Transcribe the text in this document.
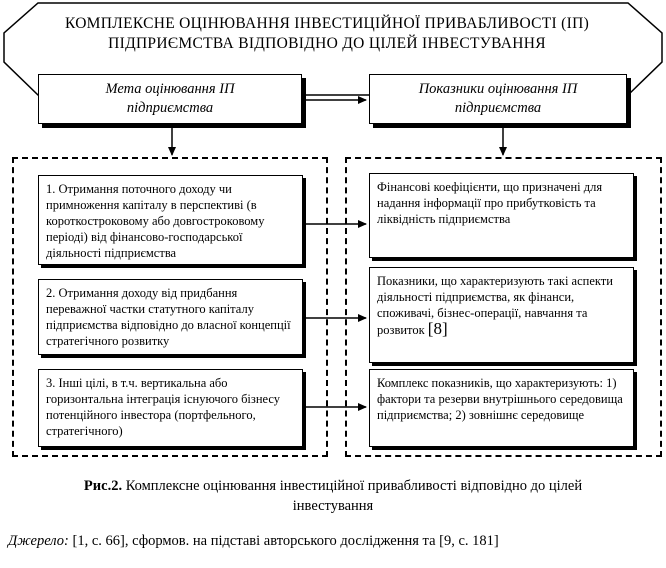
КОМПЛЕКСНЕ ОЦІНЮВАННЯ ІНВЕСТИЦІЙНОЇ ПРИВАБЛИВОСТІ (ІП)
ПІДПРИЄМСТВА ВІДПОВІДНО ДО ЦІЛЕЙ ІНВЕСТУВАННЯ
Мета оцінювання ІП
підприємства
Показники оцінювання ІП
підприємства
1. Отримання поточного доходу чи примноження капіталу в перспективі (в короткостроковому або довгостроковому періоді) від фінансово-господарської діяльності підприємства
2. Отримання доходу від придбання переважної частки статутного капіталу підприємства відповідно до власної концепції стратегічного розвитку
3. Інші цілі, в т.ч. вертикальна або горизонтальна інтеграція існуючого бізнесу потенційного інвестора (портфельного, стратегічного)
Фінансові коефіцієнти, що призначені для надання інформації про прибутковість та ліквідність підприємства
Показники, що характеризують такі аспекти діяльності підприємства, як фінанси, споживачі, бізнес-операції, навчання та розвиток [8]
Комплекс показників, що характеризують: 1) фактори та резерви внутрішнього середовища підприємства; 2) зовнішнє середовище
Рис.2. Комплексне оцінювання інвестиційної привабливості відповідно до цілей
інвестування
Джерело: [1, с. 66], сформов. на підставі авторського дослідження та [9, с. 181]
